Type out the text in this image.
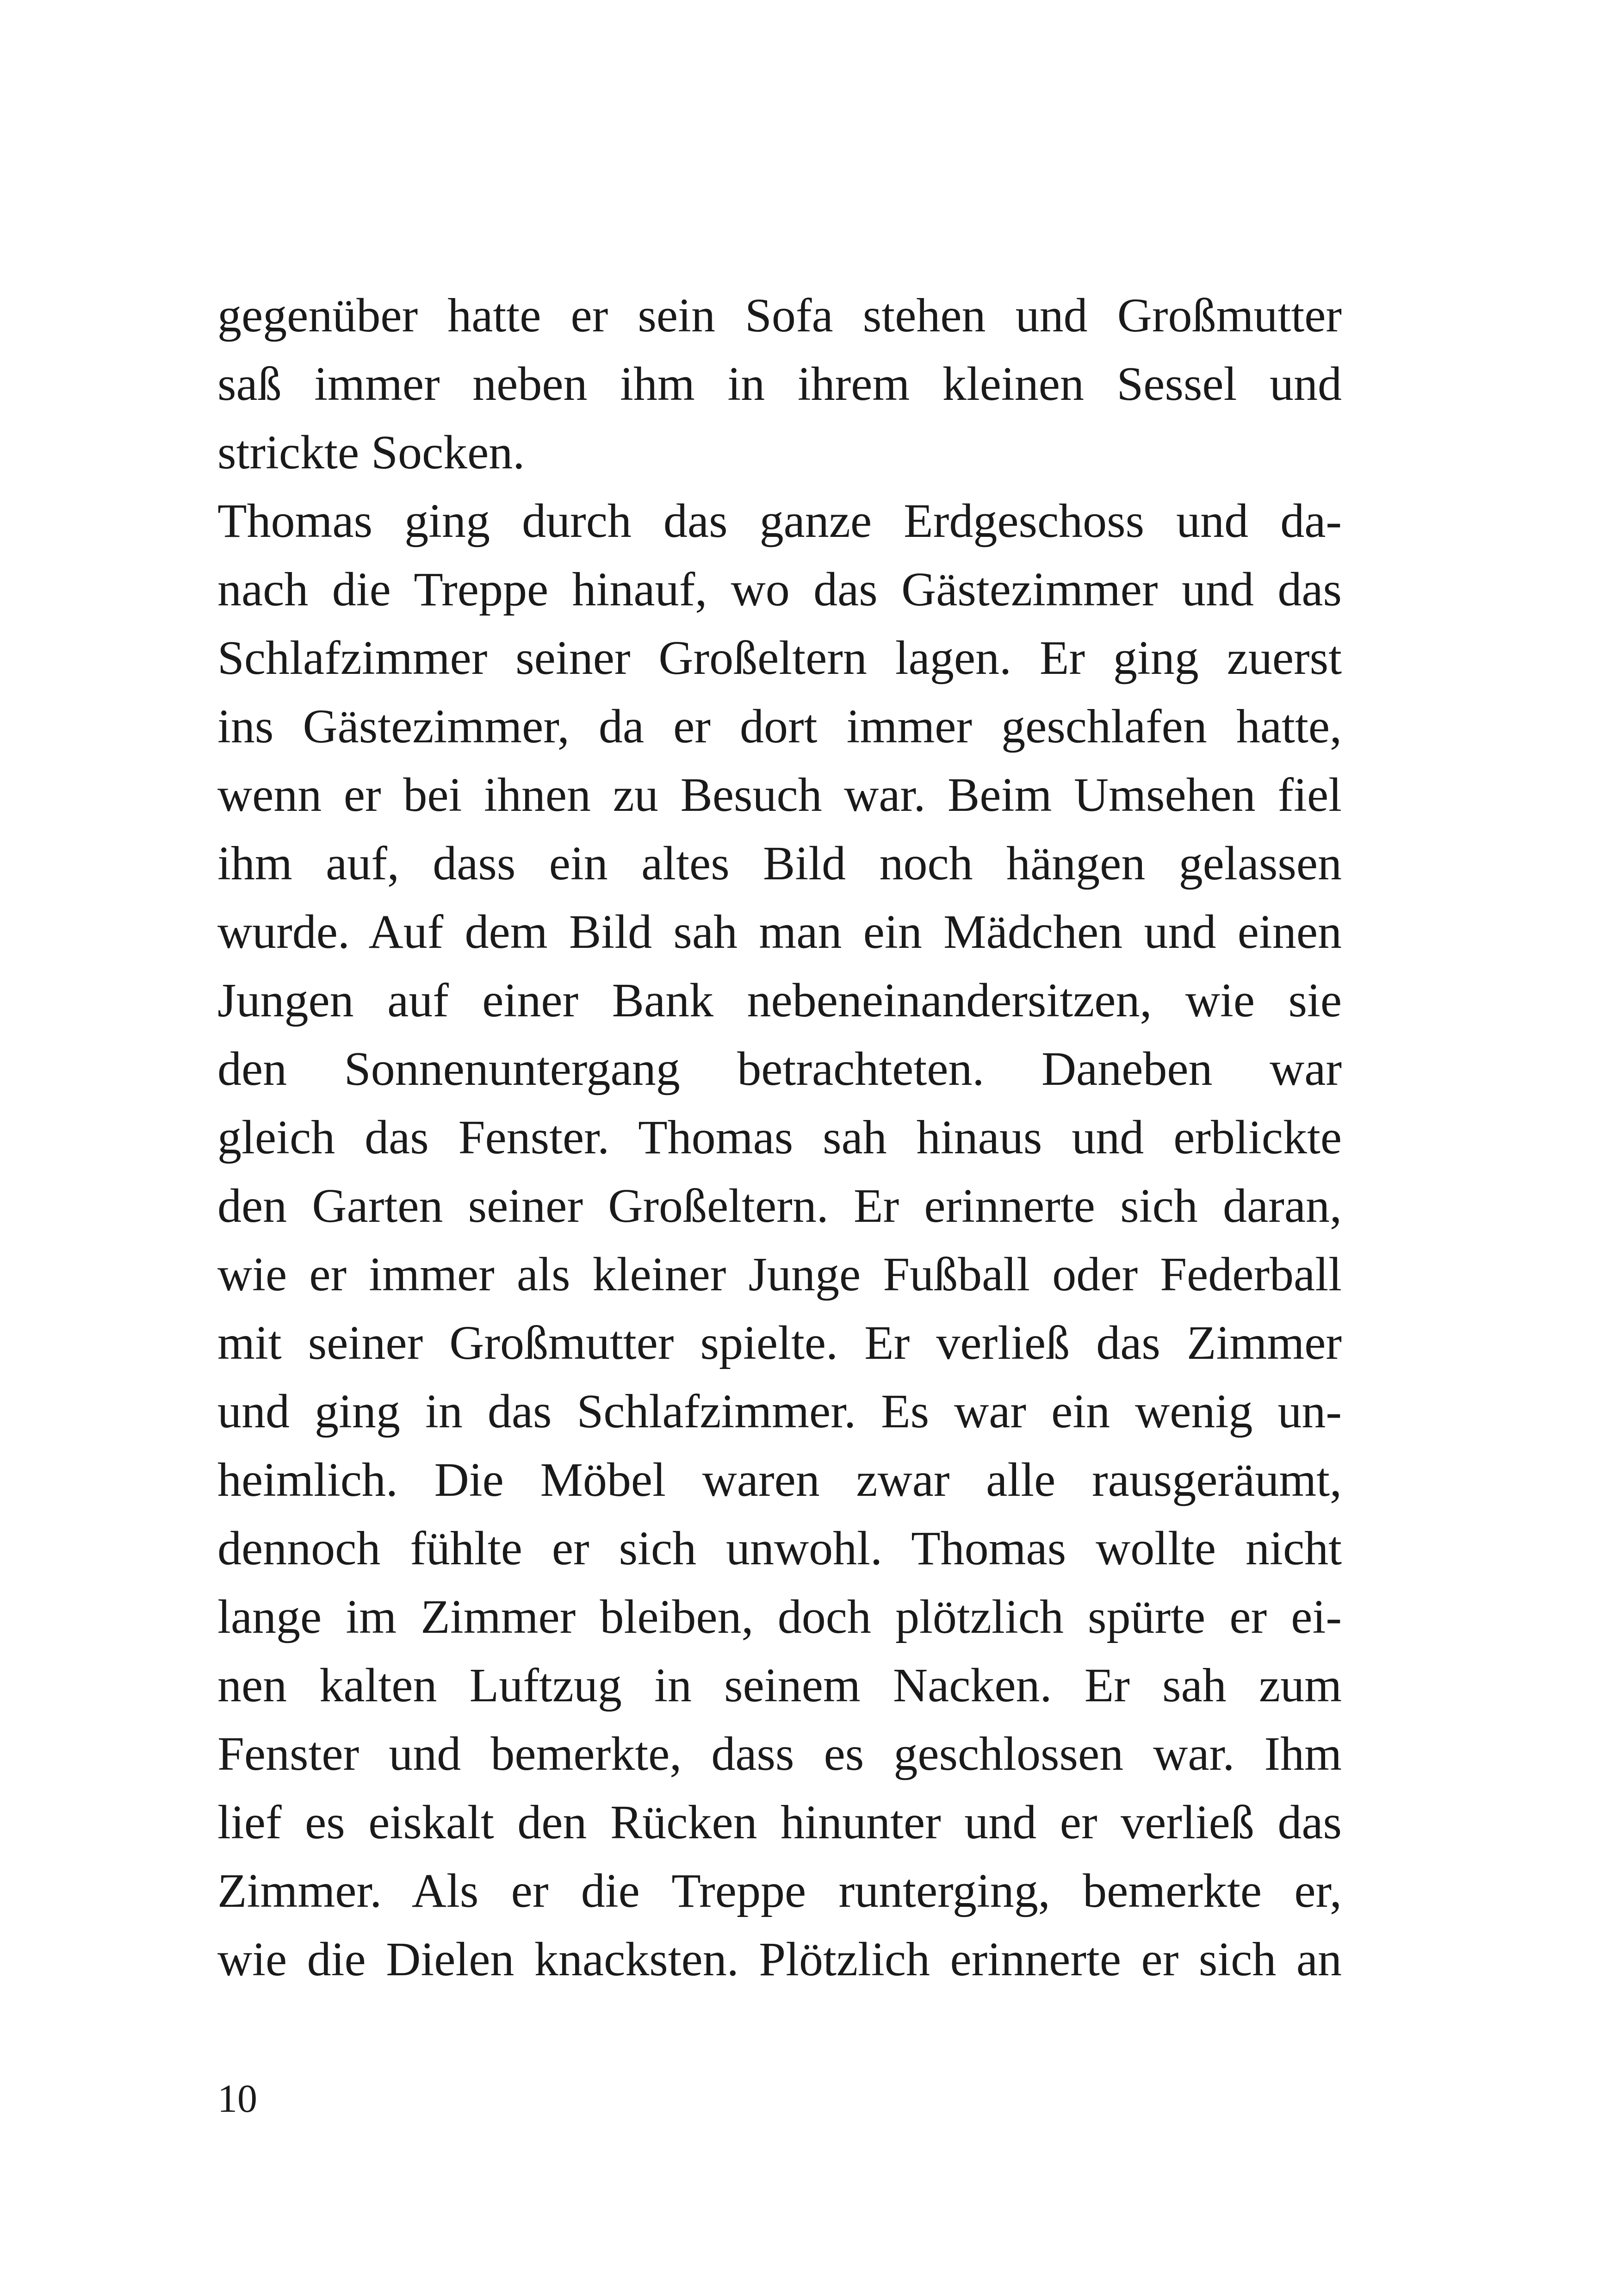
gegenüber hatte er sein Sofa stehen und Großmutter
saß immer neben ihm in ihrem kleinen Sessel und
strickte Socken.
Thomas ging durch das ganze Erdgeschoss und da-
nach die Treppe hinauf, wo das Gästezimmer und das
Schlafzimmer seiner Großeltern lagen. Er ging zuerst
ins Gästezimmer, da er dort immer geschlafen hatte,
wenn er bei ihnen zu Besuch war. Beim Umsehen fiel
ihm auf, dass ein altes Bild noch hängen gelassen
wurde. Auf dem Bild sah man ein Mädchen und einen
Jungen auf einer Bank nebeneinandersitzen, wie sie
den Sonnenuntergang betrachteten. Daneben war
gleich das Fenster. Thomas sah hinaus und erblickte
den Garten seiner Großeltern. Er erinnerte sich daran,
wie er immer als kleiner Junge Fußball oder Federball
mit seiner Großmutter spielte. Er verließ das Zimmer
und ging in das Schlafzimmer. Es war ein wenig un-
heimlich. Die Möbel waren zwar alle rausgeräumt,
dennoch fühlte er sich unwohl. Thomas wollte nicht
lange im Zimmer bleiben, doch plötzlich spürte er ei-
nen kalten Luftzug in seinem Nacken. Er sah zum
Fenster und bemerkte, dass es geschlossen war. Ihm
lief es eiskalt den Rücken hinunter und er verließ das
Zimmer. Als er die Treppe runterging, bemerkte er,
wie die Dielen knacksten. Plötzlich erinnerte er sich an
10
